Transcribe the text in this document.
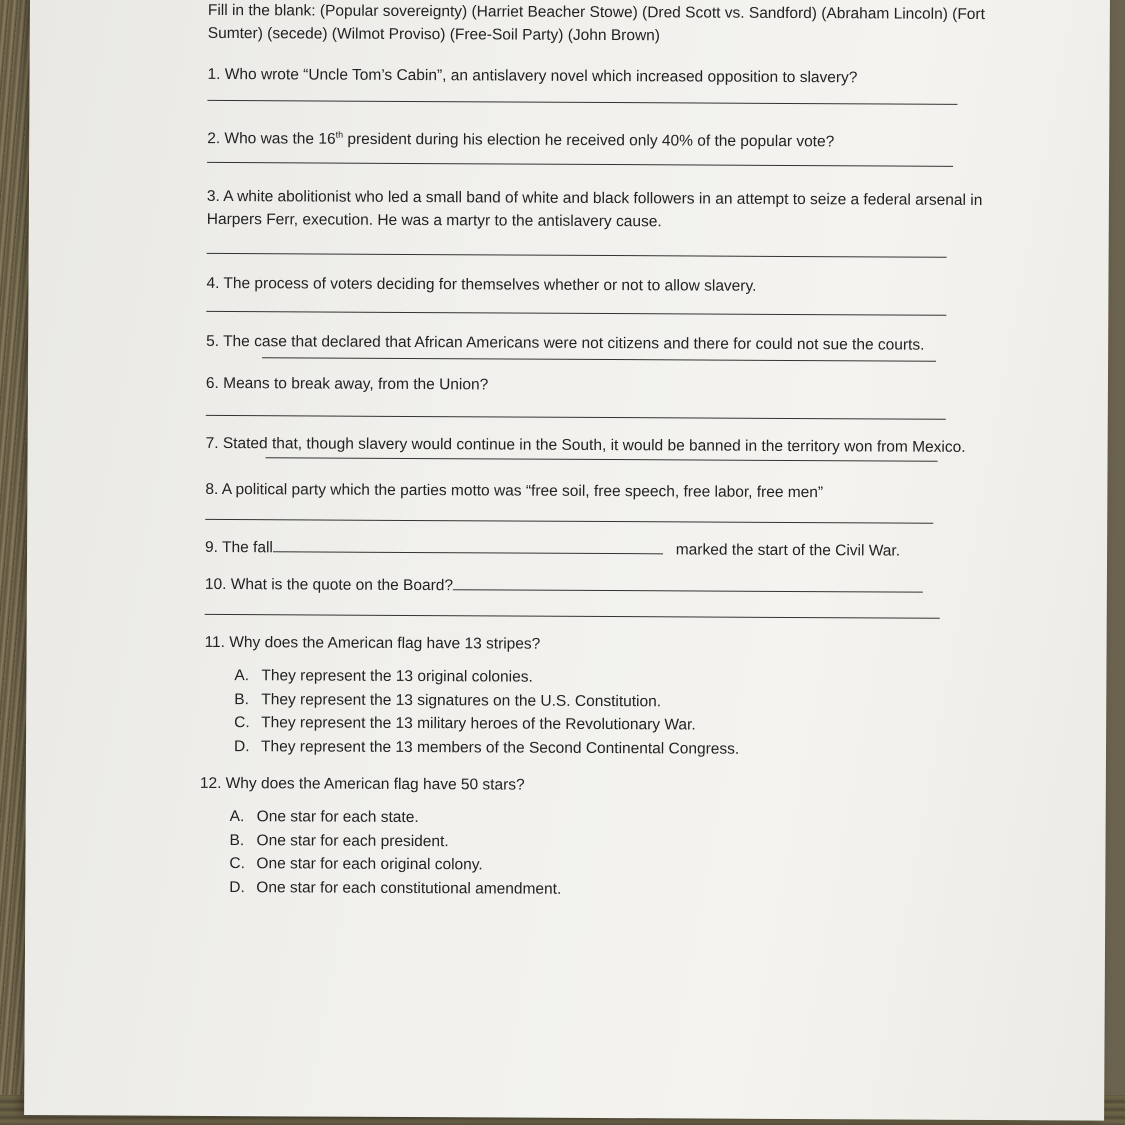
Fill in the blank: (Popular sovereignty) (Harriet Beacher Stowe) (Dred Scott vs. Sandford) (Abraham Lincoln) (Fort Sumter) (secede) (Wilmot Proviso) (Free-Soil Party) (John Brown)

1. Who wrote “Uncle Tom’s Cabin”, an antislavery novel which increased opposition to slavery?

2. Who was the 16th president during his election he received only 40% of the popular vote?

3. A white abolitionist who led a small band of white and black followers in an attempt to seize a federal arsenal in Harpers Ferr, execution. He was a martyr to the antislavery cause.

4. The process of voters deciding for themselves whether or not to allow slavery.

5. The case that declared that African Americans were not citizens and there for could not sue the courts.

6. Means to break away, from the Union?

7. Stated that, though slavery would continue in the South, it would be banned in the territory won from Mexico.

8. A political party which the parties motto was “free soil, free speech, free labor, free men”

9. The fall	marked the start of the Civil War.

10. What is the quote on the Board?

11. Why does the American flag have 13 stripes?

A. They represent the 13 original colonies.
B. They represent the 13 signatures on the U.S. Constitution.
C. They represent the 13 military heroes of the Revolutionary War.
D. They represent the 13 members of the Second Continental Congress.

12. Why does the American flag have 50 stars?

A. One star for each state.
B. One star for each president.
C. One star for each original colony.
D. One star for each constitutional amendment.
